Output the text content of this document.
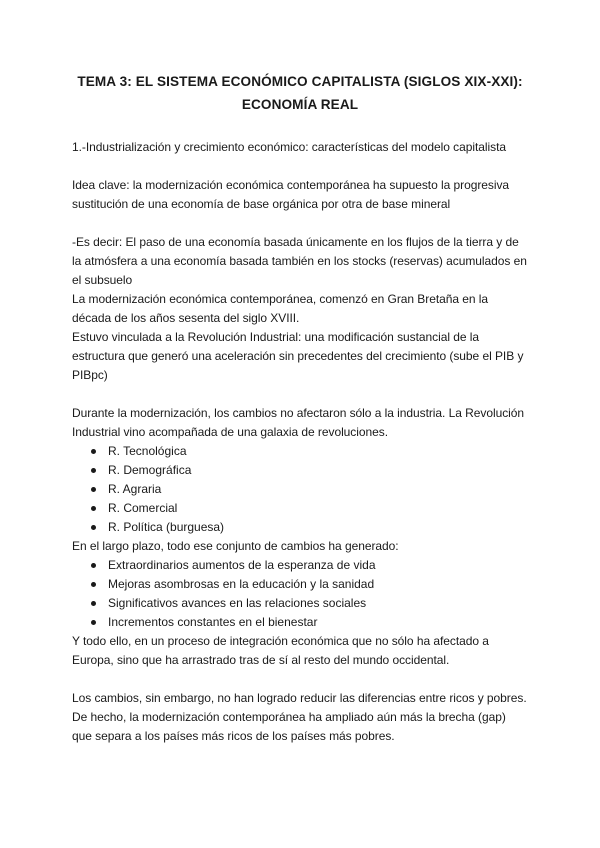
TEMA 3: EL SISTEMA ECONÓMICO CAPITALISTA (SIGLOS XIX-XXI):
ECONOMÍA REAL

1.-Industrialización y crecimiento económico: características del modelo capitalista

Idea clave: la modernización económica contemporánea ha supuesto la progresiva sustitución de una economía de base orgánica por otra de base mineral

-Es decir: El paso de una economía basada únicamente en los flujos de la tierra y de la atmósfera a una economía basada también en los stocks (reservas) acumulados en el subsuelo

La modernización económica contemporánea, comenzó en Gran Bretaña en la década de los años sesenta del siglo XVIII.

Estuvo vinculada a la Revolución Industrial: una modificación sustancial de la estructura que generó una aceleración sin precedentes del crecimiento (sube el PIB y PIBpc)

Durante la modernización, los cambios no afectaron sólo a la industria. La Revolución Industrial vino acompañada de una galaxia de revoluciones.

R. Tecnológica
R. Demográfica
R. Agraria
R. Comercial
R. Política (burguesa)

En el largo plazo, todo ese conjunto de cambios ha generado:

Extraordinarios aumentos de la esperanza de vida
Mejoras asombrosas en la educación y la sanidad
Significativos avances en las relaciones sociales
Incrementos constantes en el bienestar

Y todo ello, en un proceso de integración económica que no sólo ha afectado a Europa, sino que ha arrastrado tras de sí al resto del mundo occidental.

Los cambios, sin embargo, no han logrado reducir las diferencias entre ricos y pobres.

De hecho, la modernización contemporánea ha ampliado aún más la brecha (gap) que separa a los países más ricos de los países más pobres.
